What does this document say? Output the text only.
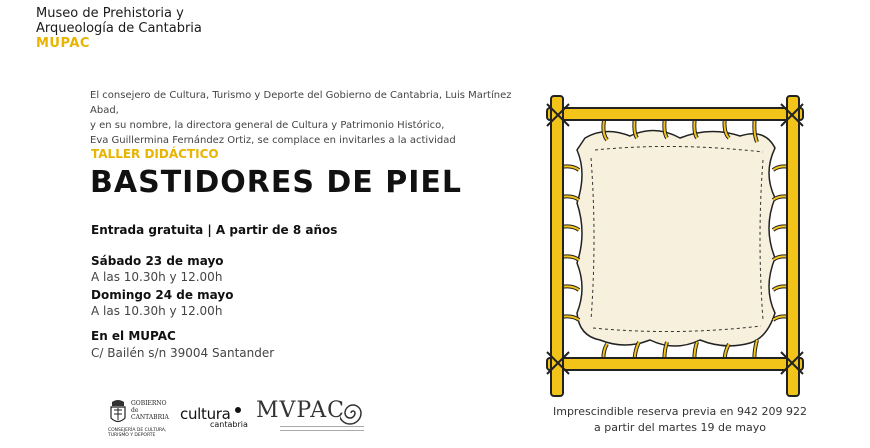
Museo de Prehistoria y
Arqueología de Cantabria
MUPAC
El consejero de Cultura, Turismo y Deporte del Gobierno de Cantabria, Luis Martínez Abad,
y en su nombre, la directora general de Cultura y Patrimonio Histórico,
Eva Guillermina Fernández Ortiz, se complace en invitarles a la actividad
TALLER DIDÁCTICO
BASTIDORES DE PIEL
Entrada gratuita | A partir de 8 años
Sábado 23 de mayo
A las 10.30h y 12.00h
Domingo 24 de mayo
A las 10.30h y 12.00h
En el MUPAC
C/ Bailén s/n 39004 Santander
Imprescindible reserva previa en 942 209 922
a partir del martes 19 de mayo
GOBIERNO
de
CANTABRIA
CONSEJERÍA DE CULTURA,
TURISMO Y DEPORTE
cultura
cantabria
MVPAC
